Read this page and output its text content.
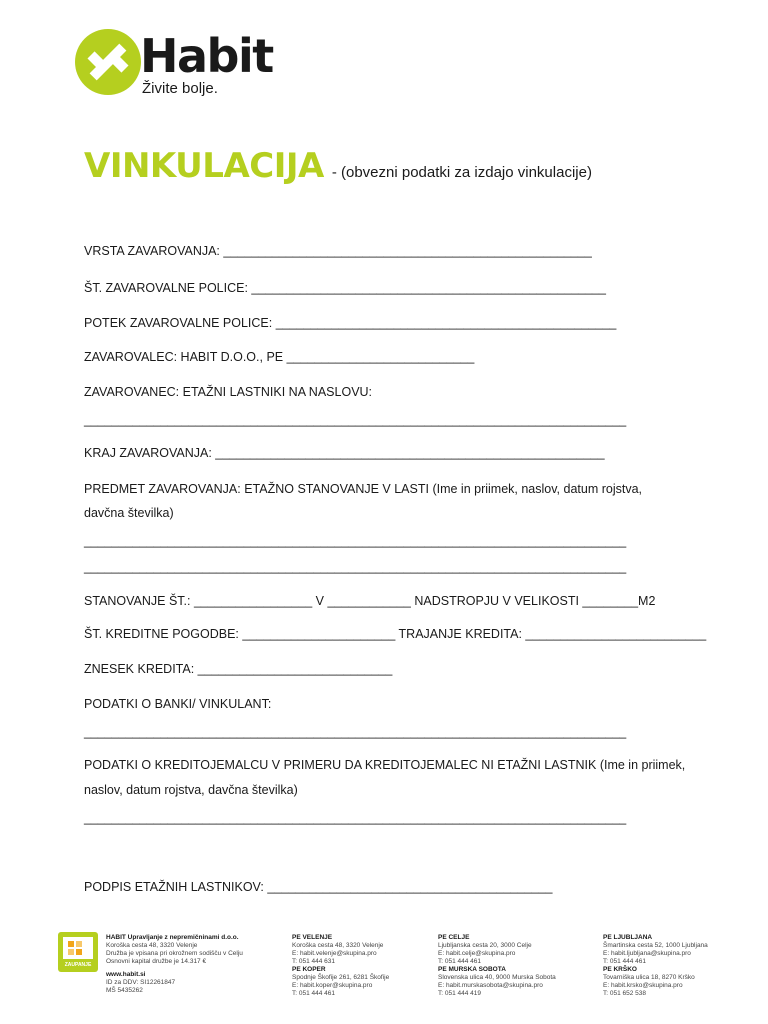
Habit
Živite bolje.
VINKULACIJA - (obvezni podatki za izdajo vinkulacije)
VRSTA ZAVAROVANJA: _____________________________________________________
ŠT. ZAVAROVALNE POLICE: ___________________________________________________
POTEK ZAVAROVALNE POLICE: _________________________________________________
ZAVAROVALEC: HABIT D.O.O., PE ___________________________
ZAVAROVANEC: ETAŽNI LASTNIKI NA NASLOVU:
______________________________________________________________________________
KRAJ ZAVAROVANJA: ________________________________________________________
PREDMET ZAVAROVANJA: ETAŽNO STANOVANJE V LASTI (Ime in priimek, naslov, datum rojstva,
davčna številka)
______________________________________________________________________________
______________________________________________________________________________
STANOVANJE ŠT.: _________________ V ____________ NADSTROPJU V VELIKOSTI ________M2
ŠT. KREDITNE POGODBE: ______________________ TRAJANJE KREDITA: __________________________
ZNESEK KREDITA: ____________________________
PODATKI O BANKI/ VINKULANT:
______________________________________________________________________________
PODATKI O KREDITOJEMALCU V PRIMERU DA KREDITOJEMALEC NI ETAŽNI LASTNIK (Ime in priimek,
naslov, datum rojstva, davčna številka)
______________________________________________________________________________
PODPIS ETAŽNIH LASTNIKOV: _________________________________________
ZAUPANJE
HABIT Upravljanje z nepremičninami d.o.o.
Koroška cesta 48, 3320 Velenje
Družba je vpisana pri okrožnem sodišču v Celju
Osnovni kapital družbe je 14.317 €
www.habit.si
ID za DDV: SI12261847
MŠ 5435262
PE VELENJE
Koroška cesta 48, 3320 Velenje
E: habit.velenje@skupina.pro
T: 051 444 631
PE CELJE
Ljubljanska cesta 20, 3000 Celje
E: habit.celje@skupina.pro
T: 051 444 461
PE LJUBLJANA
Šmartinska cesta 52, 1000 Ljubljana
E: habit.ljubljana@skupina.pro
T: 051 444 461
PE KOPER
Spodnje Škofije 261, 6281 Škofije
E: habit.koper@skupina.pro
T: 051 444 461
PE MURSKA SOBOTA
Slovenska ulica 40, 9000 Murska Sobota
E: habit.murskasobota@skupina.pro
T: 051 444 419
PE KRŠKO
Tovarniška ulica 18, 8270 Krško
E: habit.krsko@skupina.pro
T: 051 652 538
